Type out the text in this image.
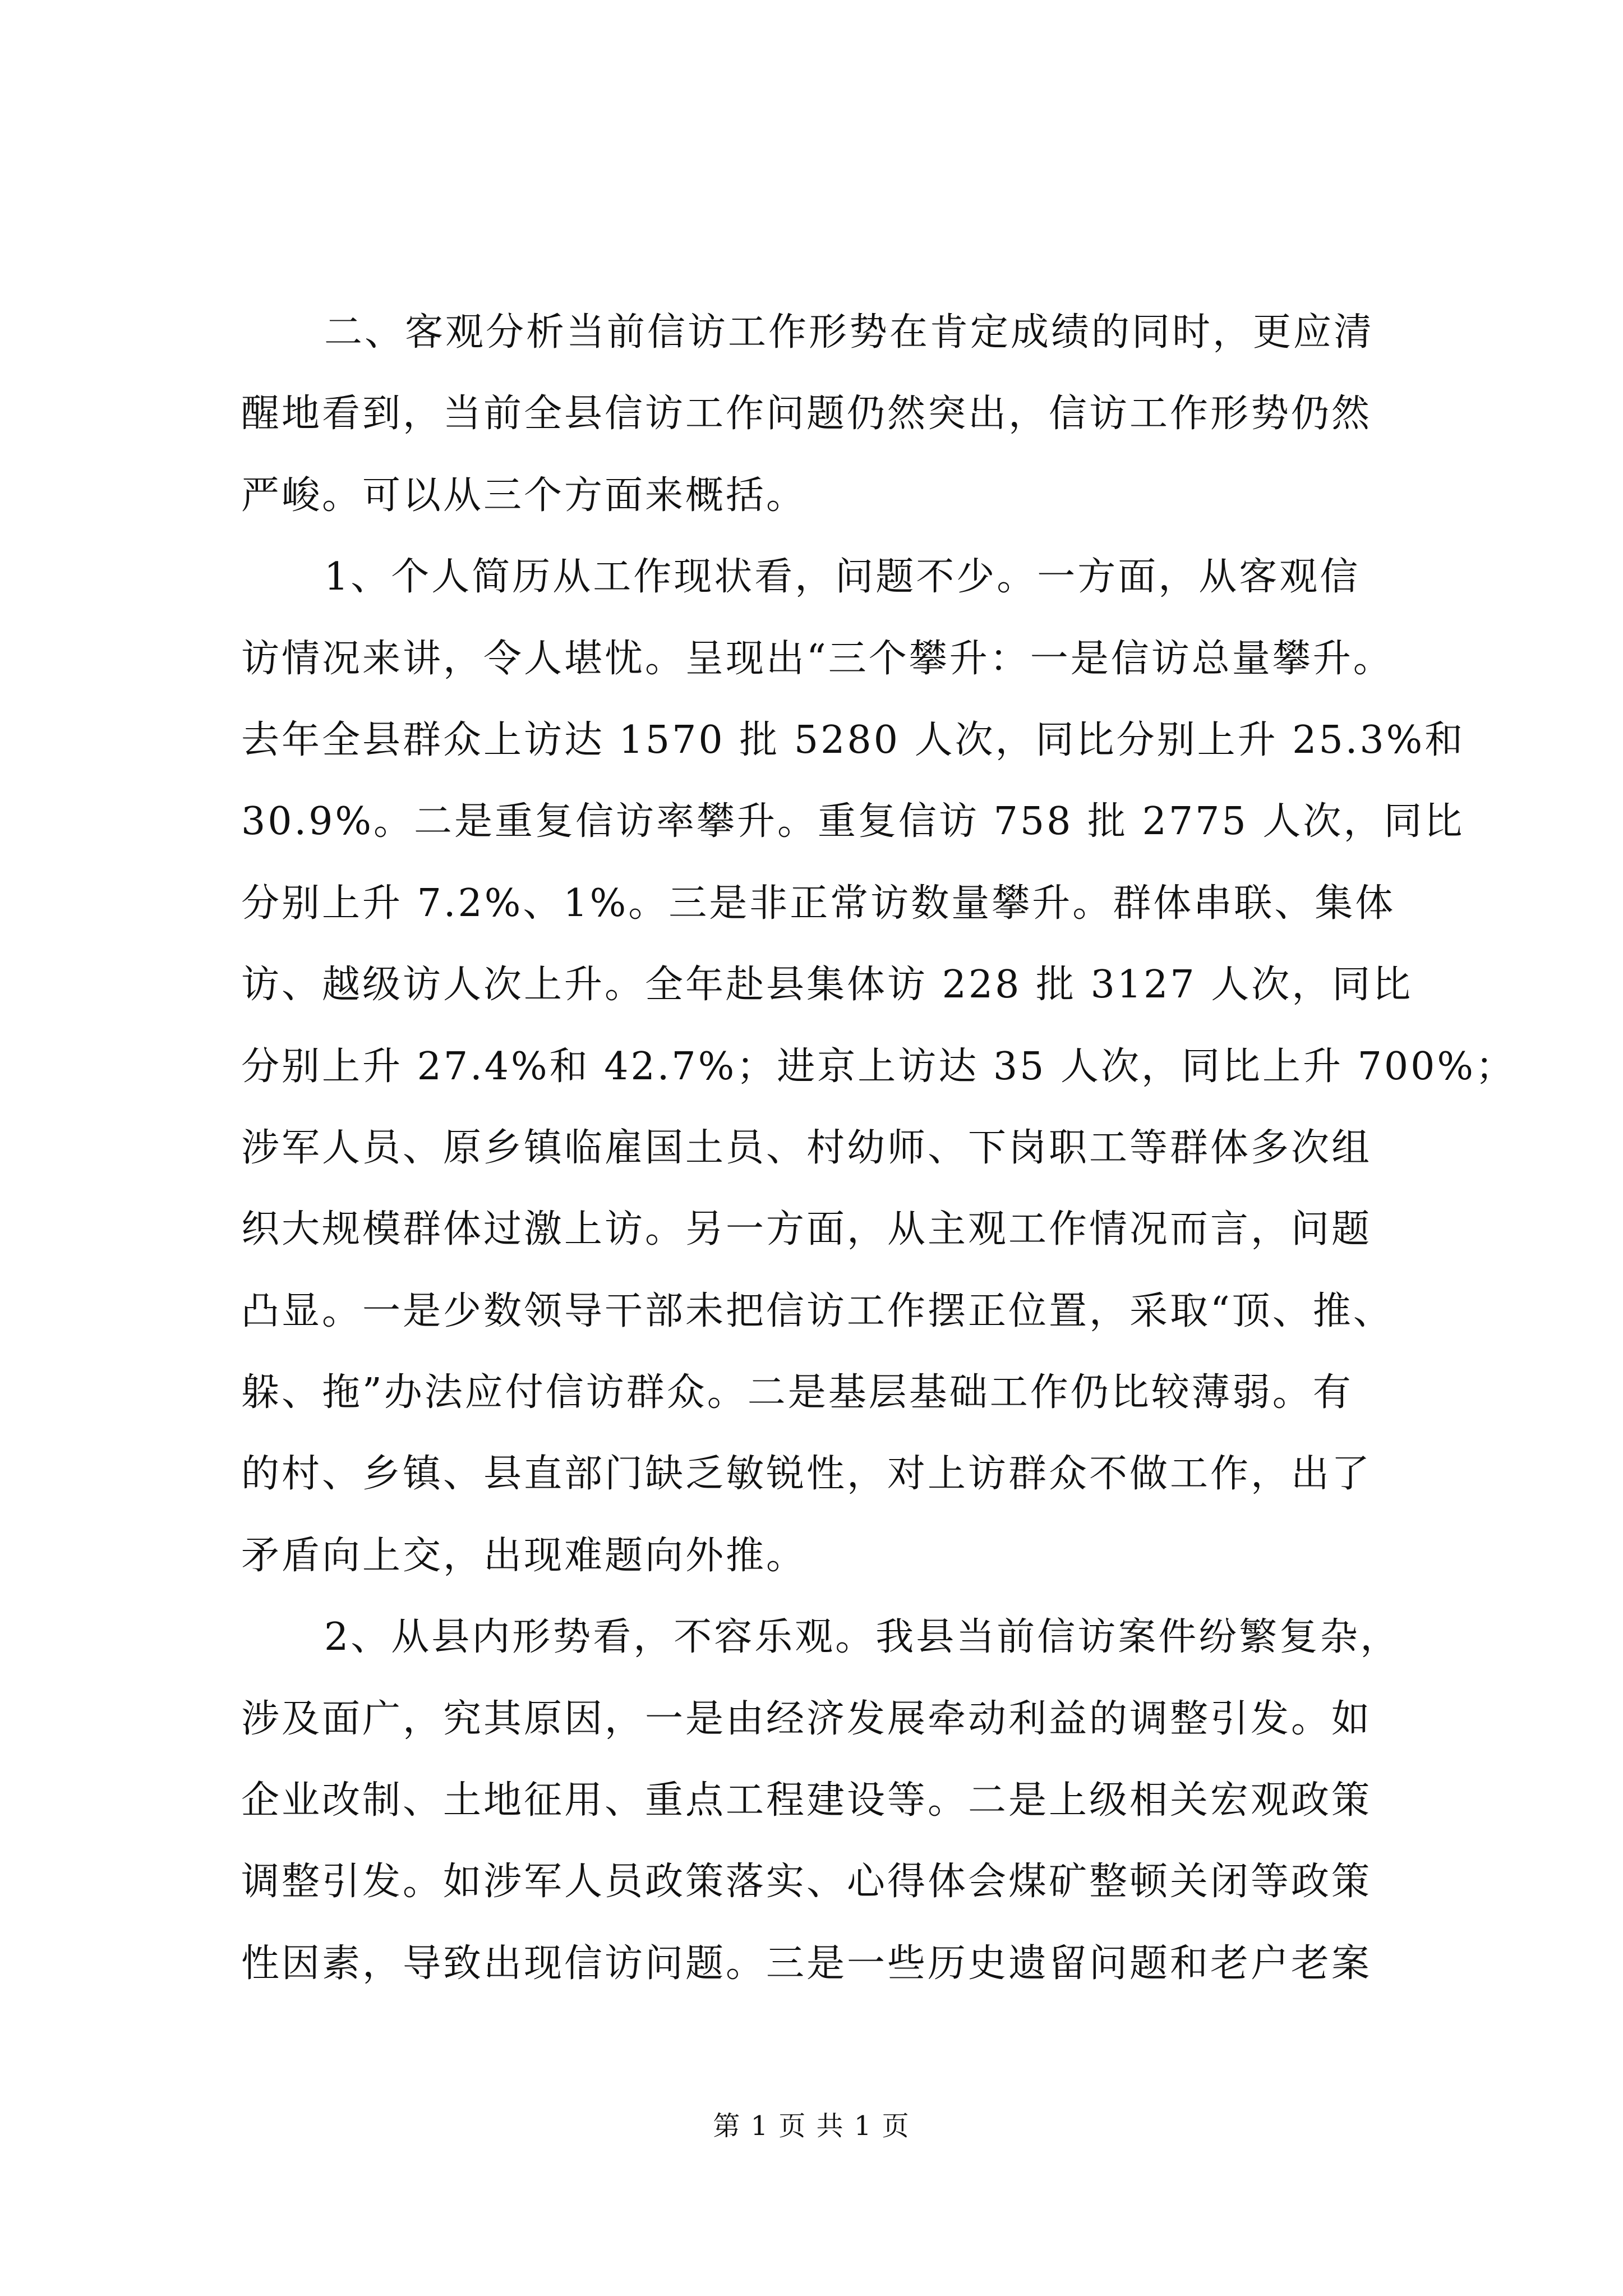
二、客观分析当前信访工作形势在肯定成绩的同时，更应清
醒地看到，当前全县信访工作问题仍然突出，信访工作形势仍然
严峻。可以从三个方面来概括。
1、个人简历从工作现状看，问题不少。一方面，从客观信
访情况来讲，令人堪忧。呈现出“三个攀升：一是信访总量攀升。
去年全县群众上访达 1570 批 5280 人次，同比分别上升 25.3%和
30.9%。二是重复信访率攀升。重复信访 758 批 2775 人次，同比
分别上升 7.2%、1%。三是非正常访数量攀升。群体串联、集体
访、越级访人次上升。全年赴县集体访 228 批 3127 人次，同比
分别上升 27.4%和 42.7%；进京上访达 35 人次，同比上升 700%；
涉军人员、原乡镇临雇国土员、村幼师、下岗职工等群体多次组
织大规模群体过激上访。另一方面，从主观工作情况而言，问题
凸显。一是少数领导干部未把信访工作摆正位置，采取“顶、推、
躲、拖”办法应付信访群众。二是基层基础工作仍比较薄弱。有
的村、乡镇、县直部门缺乏敏锐性，对上访群众不做工作，出了
矛盾向上交，出现难题向外推。
2、从县内形势看，不容乐观。我县当前信访案件纷繁复杂，
涉及面广，究其原因，一是由经济发展牵动利益的调整引发。如
企业改制、土地征用、重点工程建设等。二是上级相关宏观政策
调整引发。如涉军人员政策落实、心得体会煤矿整顿关闭等政策
性因素，导致出现信访问题。三是一些历史遗留问题和老户老案
第 1 页 共 1 页
